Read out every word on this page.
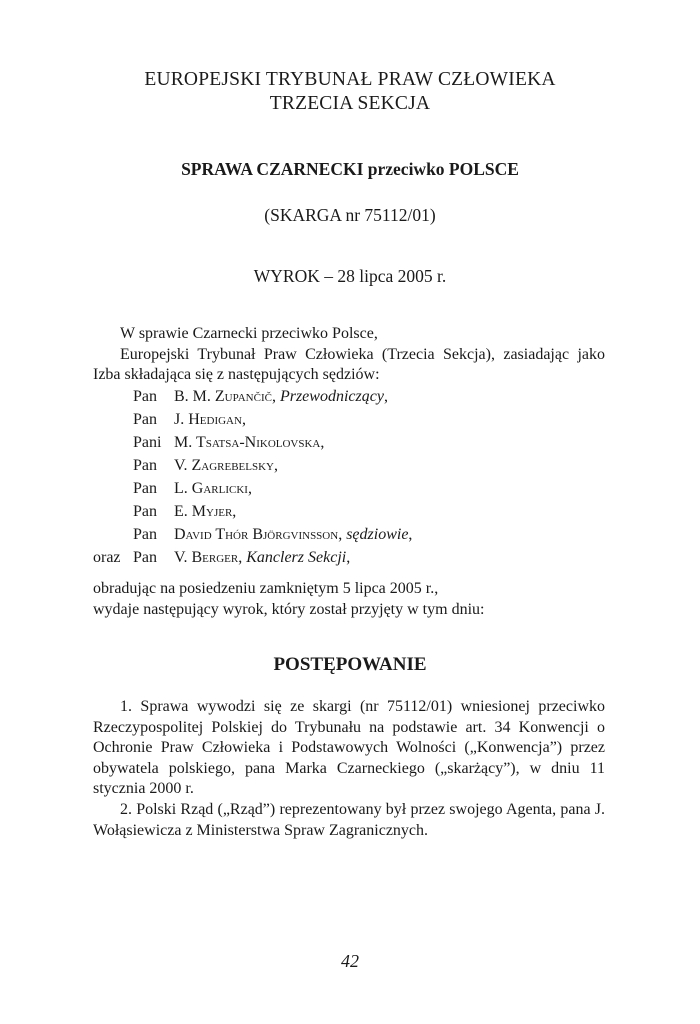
EUROPEJSKI TRYBUNAŁ PRAW CZŁOWIEKA
TRZECIA SEKCJA
SPRAWA CZARNECKI przeciwko POLSCE
(SKARGA nr 75112/01)
WYROK – 28 lipca 2005 r.

W sprawie Czarnecki przeciwko Polsce,

Europejski Trybunał Praw Człowieka (Trzecia Sekcja), zasiadając jako Izba składająca się z następujących sędziów:

Pan	B. M. Zupančič, Przewodniczący,
Pan	J. Hedigan,
Pani M. Tsatsa-Nikolovska,
Pan	V. Zagrebelsky,
Pan	L. Garlicki,
Pan	E. Myjer,
Pan	David Thór Björgvinsson, sędziowie,
oraz Pan	V. Berger, Kanclerz Sekcji,

obradując na posiedzeniu zamkniętym 5 lipca 2005 r.,

wydaje następujący wyrok, który został przyjęty w tym dniu:

POSTĘPOWANIE

1. Sprawa wywodzi się ze skargi (nr 75112/01) wniesionej przeciwko Rzeczypospolitej Polskiej do Trybunału na podstawie art. 34 Konwencji o Ochronie Praw Człowieka i Podstawowych Wolności („Konwencja”) przez obywatela polskiego, pana Marka Czarneckiego („skarżący”), w dniu 11 stycznia 2000 r.

2. Polski Rząd („Rząd”) reprezentowany był przez swojego Agenta, pana J. Wołąsiewicza z Ministerstwa Spraw Zagranicznych.

42
